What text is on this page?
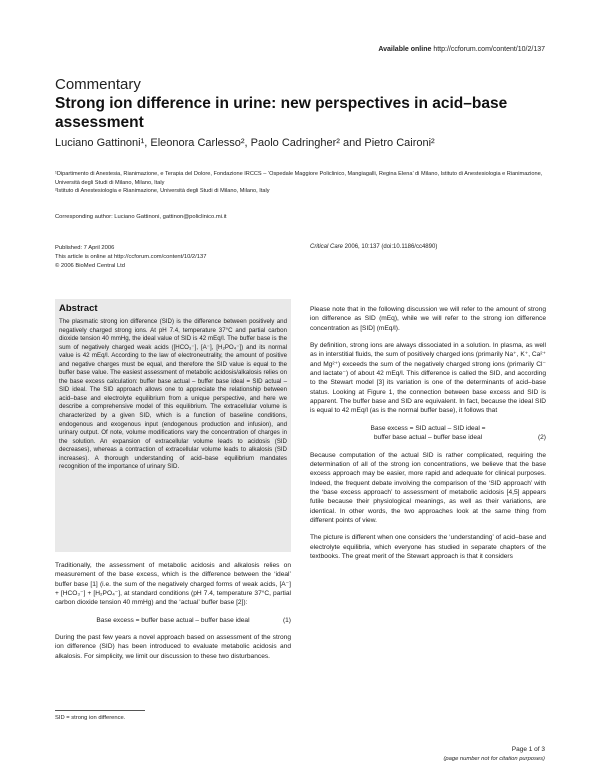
Available online http://ccforum.com/content/10/2/137
Commentary
Strong ion difference in urine: new perspectives in acid–base assessment
Luciano Gattinoni¹, Eleonora Carlesso², Paolo Cadringher² and Pietro Caironi²
¹Dipartimento di Anestesia, Rianimazione, e Terapia del Dolore, Fondazione IRCCS – ‘Ospedale Maggiore Policlinico, Mangiagalli, Regina Elena’ di Milano, Istituto di Anestesiologia e Rianimazione, Università degli Studi di Milano, Milano, Italy
²Istituto di Anestesiologia e Rianimazione, Università degli Studi di Milano, Milano, Italy
Corresponding author: Luciano Gattinoni, gattinon@policlinico.mi.it
Published: 7 April 2006
This article is online at http://ccforum.com/content/10/2/137
© 2006 BioMed Central Ltd
Critical Care 2006, 10:137 (doi:10.1186/cc4890)
Abstract

The plasmatic strong ion difference (SID) is the difference between positively and negatively charged strong ions. At pH 7.4, temperature 37°C and partial carbon dioxide tension 40 mmHg, the ideal value of SID is 42 mEq/l. The buffer base is the sum of negatively charged weak acids ([HCO₃⁻], [A⁻], [H₂PO₄⁻]) and its normal value is 42 mEq/l. According to the law of electroneutrality, the amount of positive and negative charges must be equal, and therefore the SID value is equal to the buffer base value. The easiest assessment of metabolic acidosis/alkalosis relies on the base excess calculation: buffer base actual – buffer base ideal = SID actual – SID ideal. The SID approach allows one to appreciate the relationship between acid–base and electrolyte equilibrium from a unique perspective, and here we describe a comprehensive model of this equilibrium. The extracellular volume is characterized by a given SID, which is a function of baseline conditions, endogenous and exogenous input (endogenous production and infusion), and urinary output. Of note, volume modifications vary the concentration of charges in the solution. An expansion of extracellular volume leads to acidosis (SID decreases), whereas a contraction of extracellular volume leads to alkalosis (SID increases). A thorough understanding of acid–base equilibrium mandates recognition of the importance of urinary SID.

Traditionally, the assessment of metabolic acidosis and alkalosis relies on measurement of the base excess, which is the difference between the ‘ideal’ buffer base [1] (i.e. the sum of the negatively charged forms of weak acids, [A⁻] + [HCO₃⁻] + [H₂PO₄⁻], at standard conditions (pH 7.4, temperature 37°C, partial carbon dioxide tension 40 mmHg) and the ‘actual’ buffer base [2]):

Base excess = buffer base actual – buffer base ideal	(1)

During the past few years a novel approach based on assessment of the strong ion difference (SID) has been introduced to evaluate metabolic acidosis and alkalosis. For simplicity, we limit our discussion to these two disturbances.

Please note that in the following discussion we will refer to the amount of strong ion difference as SID (mEq), while we will refer to the strong ion difference concentration as [SID] (mEq/l).

By definition, strong ions are always dissociated in a solution. In plasma, as well as in interstitial fluids, the sum of positively charged ions (primarily Na⁺, K⁺, Ca²⁺ and Mg²⁺) exceeds the sum of the negatively charged strong ions (primarily Cl⁻ and lactate⁻) of about 42 mEq/l. This difference is called the SID, and according to the Stewart model [3] its variation is one of the determinants of acid–base status. Looking at Figure 1, the connection between base excess and SID is apparent. The buffer base and SID are equivalent. In fact, because the ideal SID is equal to 42 mEq/l (as is the normal buffer base), it follows that

Base excess = SID actual – SID ideal =
buffer base actual – buffer base ideal	(2)

Because computation of the actual SID is rather complicated, requiring the determination of all of the strong ion concentrations, we believe that the base excess approach may be easier, more rapid and adequate for clinical purposes. Indeed, the frequent debate involving the comparison of the ‘SID approach’ with the ‘base excess approach’ to assessment of metabolic acidosis [4,5] appears futile because their physiological meanings, as well as their variations, are identical. In other words, the two approaches look at the same thing from different points of view.

The picture is different when one considers the ‘understanding’ of acid–base and electrolyte equilibria, which everyone has studied in separate chapters of the textbooks. The great merit of the Stewart approach is that it considers

SID = strong ion difference.
Page 1 of 3
(page number not for citation purposes)
